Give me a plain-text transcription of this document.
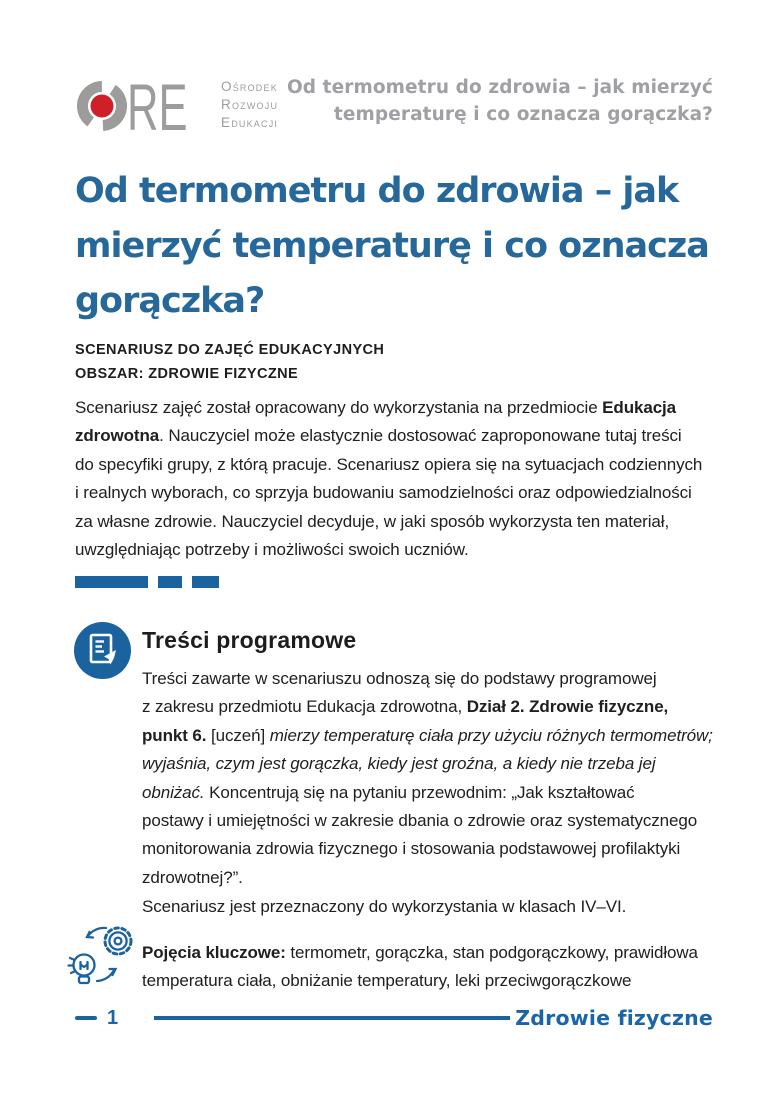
RE Ośrodek
Rozwoju
Edukacji
Od termometru do zdrowia – jak mierzyć
temperaturę i co oznacza gorączka?
Od termometru do zdrowia – jak
mierzyć temperaturę i co oznacza
gorączka?
SCENARIUSZ DO ZAJĘĆ EDUKACYJNYCH
OBSZAR: ZDROWIE FIZYCZNE
Scenariusz zajęć został opracowany do wykorzystania na przedmiocie Edukacja
zdrowotna. Nauczyciel może elastycznie dostosować zaproponowane tutaj treści
do specyfiki grupy, z którą pracuje. Scenariusz opiera się na sytuacjach codziennych
i realnych wyborach, co sprzyja budowaniu samodzielności oraz odpowiedzialności
za własne zdrowie. Nauczyciel decyduje, w jaki sposób wykorzysta ten materiał,
uwzględniając potrzeby i możliwości swoich uczniów.
Treści programowe
Treści zawarte w scenariuszu odnoszą się do podstawy programowej
z zakresu przedmiotu Edukacja zdrowotna, Dział 2. Zdrowie fizyczne,
punkt 6. [uczeń] mierzy temperaturę ciała przy użyciu różnych termometrów;
wyjaśnia, czym jest gorączka, kiedy jest groźna, a kiedy nie trzeba jej
obniżać. Koncentrują się na pytaniu przewodnim: „Jak kształtować
postawy i umiejętności w zakresie dbania o zdrowie oraz systematycznego
monitorowania zdrowia fizycznego i stosowania podstawowej profilaktyki
zdrowotnej?”.
Scenariusz jest przeznaczony do wykorzystania w klasach IV–VI.
Pojęcia kluczowe: termometr, gorączka, stan podgorączkowy, prawidłowa
temperatura ciała, obniżanie temperatury, leki przeciwgorączkowe
1	Zdrowie fizyczne
